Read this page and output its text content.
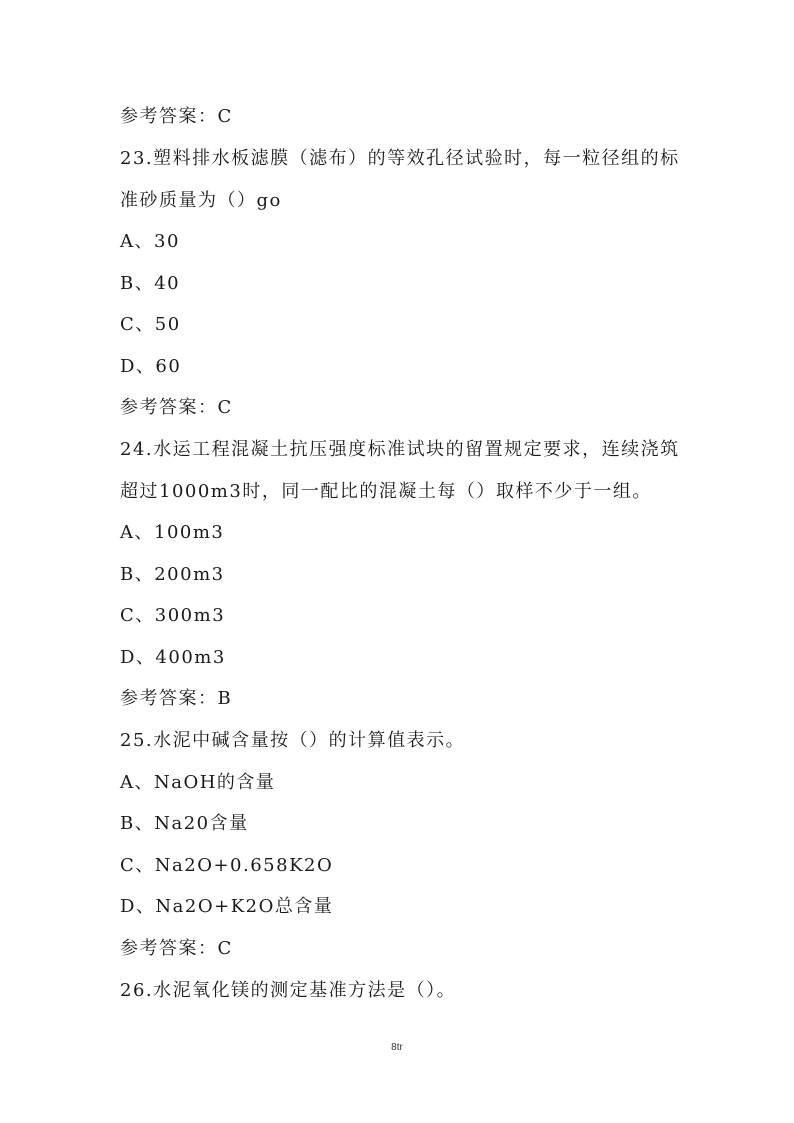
参考答案：C
23.塑料排水板滤膜（滤布）的等效孔径试验时，每一粒径组的标
准砂质量为（）go
A、30
B、40
C、50
D、60
参考答案：C
24.水运工程混凝土抗压强度标准试块的留置规定要求，连续浇筑
超过1000m3时，同一配比的混凝土每（）取样不少于一组。
A、100m3
B、200m3
C、300m3
D、400m3
参考答案：B
25.水泥中碱含量按（）的计算值表示。
A、NaOH的含量
B、Na20含量
C、Na2O+0.658K2O
D、Na2O+K2O总含量
参考答案：C
26.水泥氧化镁的测定基准方法是（）。
8tr
